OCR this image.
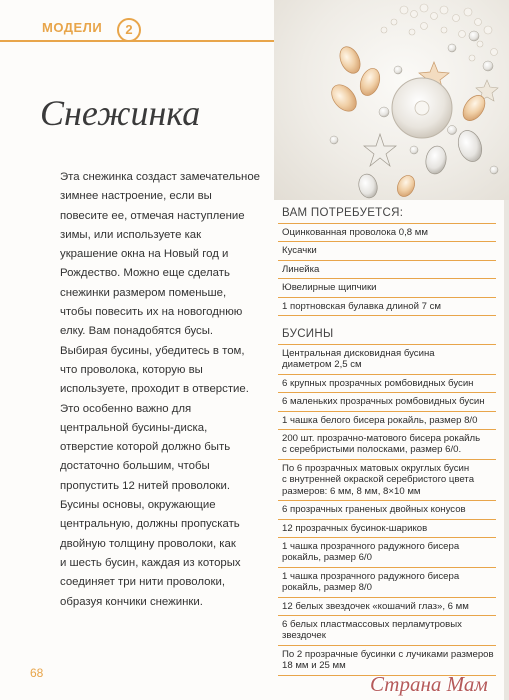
МОДЕЛИ	2
Снежинка
Эта снежинка создаст замечательное
зимнее настроение, если вы
повесите ее, отмечая наступление
зимы, или используете как
украшение окна на Новый год и
Рождество. Можно еще сделать
снежинки размером поменьше,
чтобы повесить их на новогоднюю
елку. Вам понадобятся бусы.
Выбирая бусины, убедитесь в том,
что проволока, которую вы
используете, проходит в отверстие.
Это особенно важно для
центральной бусины-диска,
отверстие которой должно быть
достаточно большим, чтобы
пропустить 12 нитей проволоки.
Бусины основы, окружающие
центральную, должны пропускать
двойную толщину проволоки, как
и шесть бусин, каждая из которых
соединяет три нити проволоки,
образуя кончики снежинки.
ВАМ ПОТРЕБУЕТСЯ:
Оцинкованная проволока 0,8 мм
Кусачки
Линейка
Ювелирные щипчики
1 портновская булавка длиной 7 см
БУСИНЫ
Центральная дисковидная бусина
диаметром 2,5 см
6 крупных прозрачных ромбовидных бусин
6 маленьких прозрачных ромбовидных бусин
1 чашка белого бисера рокайль, размер 8/0
200 шт. прозрачно-матового бисера рокайль
с серебристыми полосками, размер 6/0.
По 6 прозрачных матовых округлых бусин
с внутренней окраской серебристого цвета
размеров: 6 мм, 8 мм, 8×10 мм
6 прозрачных граненых двойных конусов
12 прозрачных бусинок-шариков
1 чашка прозрачного радужного бисера
рокайль, размер 6/0
1 чашка прозрачного радужного бисера
рокайль, размер 8/0
12 белых звездочек «кошачий глаз», 6 мм
6 белых пластмассовых перламутровых
звездочек
По 2 прозрачные бусинки с лучиками размеров
18 мм и 25 мм
68	Страна Мам
